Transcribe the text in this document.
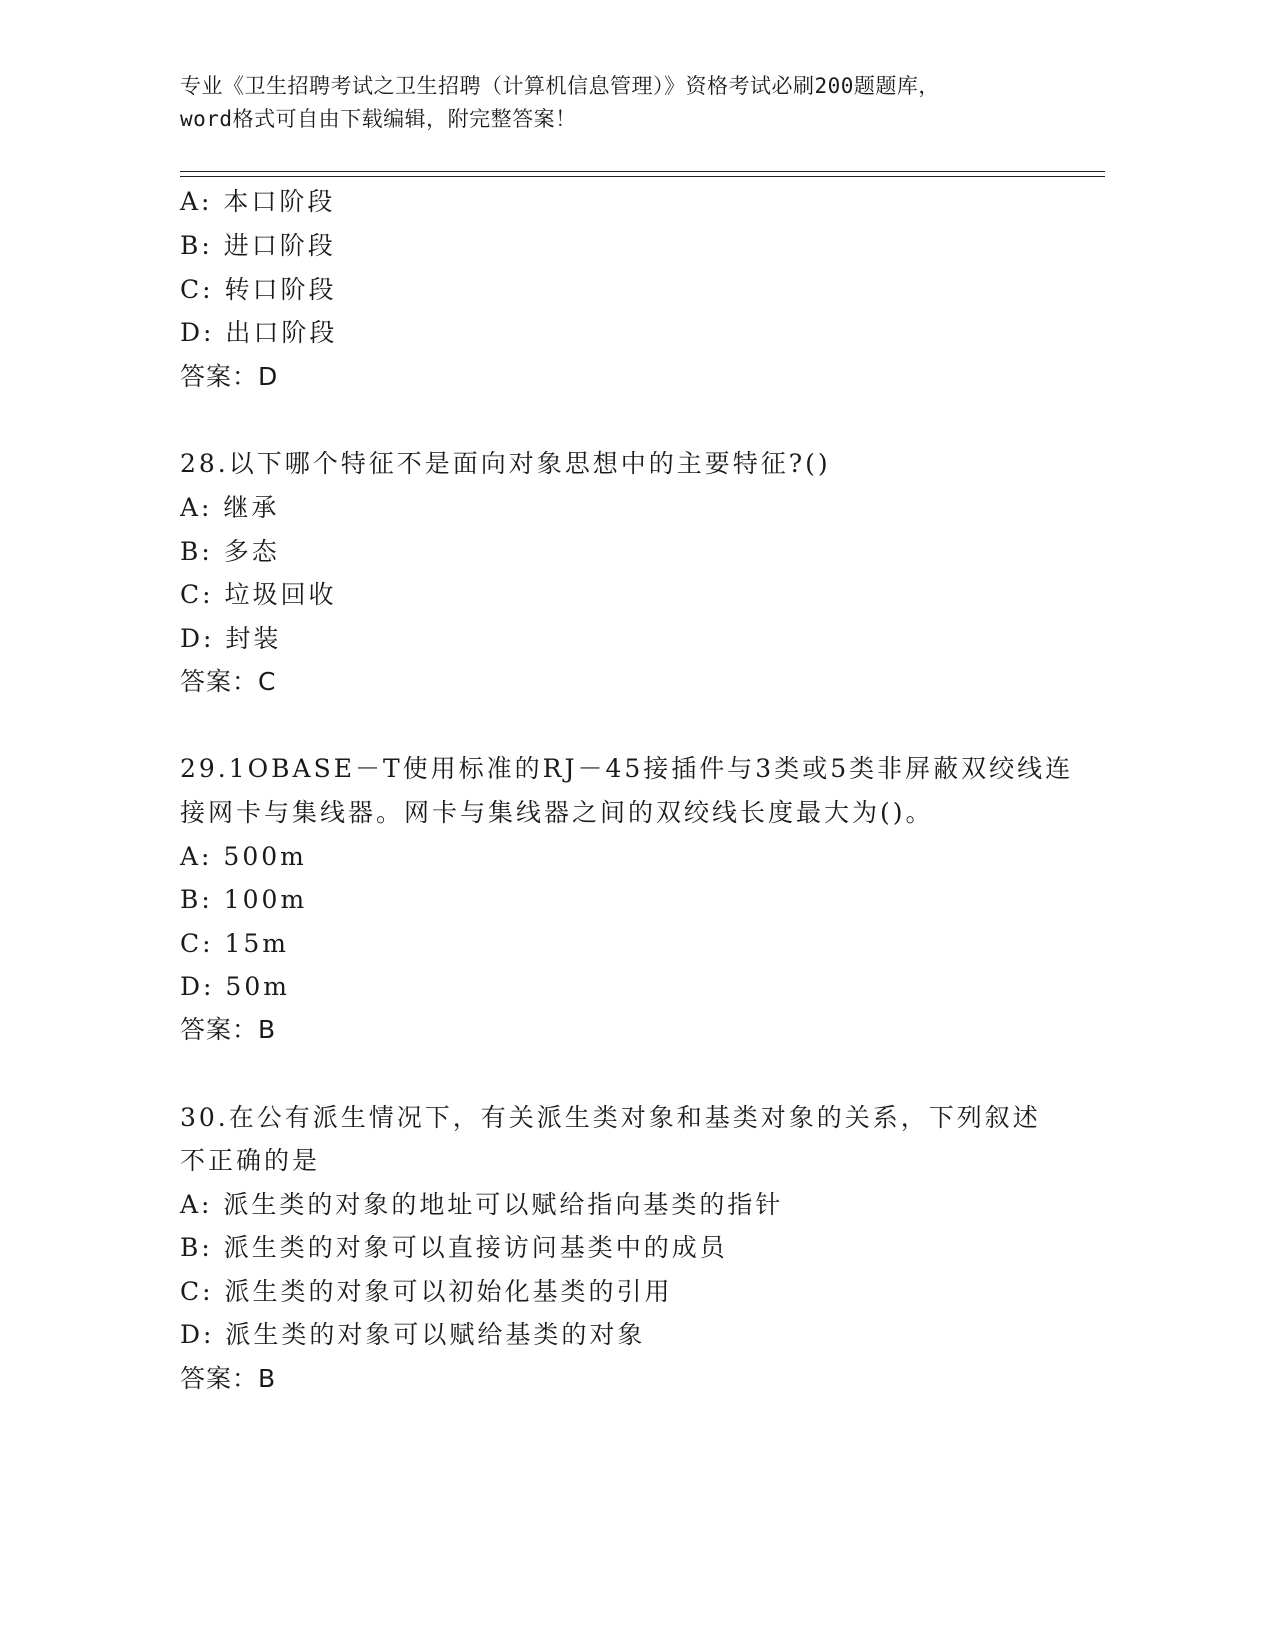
专业《卫生招聘考试之卫生招聘（计算机信息管理）》资格考试必刷200题题库，
word格式可自由下载编辑，附完整答案！
A: 本口阶段
B: 进口阶段
C: 转口阶段
D: 出口阶段
答案：D
28.以下哪个特征不是面向对象思想中的主要特征?()
A: 继承
B: 多态
C: 垃圾回收
D: 封装
答案：C
29.1OBASE－T使用标准的RJ－45接插件与3类或5类非屏蔽双绞线连
接网卡与集线器。网卡与集线器之间的双绞线长度最大为()。
A: 500m
B: 100m
C: 15m
D: 50m
答案：B
30.在公有派生情况下，有关派生类对象和基类对象的关系，下列叙述
不正确的是
A: 派生类的对象的地址可以赋给指向基类的指针
B: 派生类的对象可以直接访问基类中的成员
C: 派生类的对象可以初始化基类的引用
D: 派生类的对象可以赋给基类的对象
答案：B
